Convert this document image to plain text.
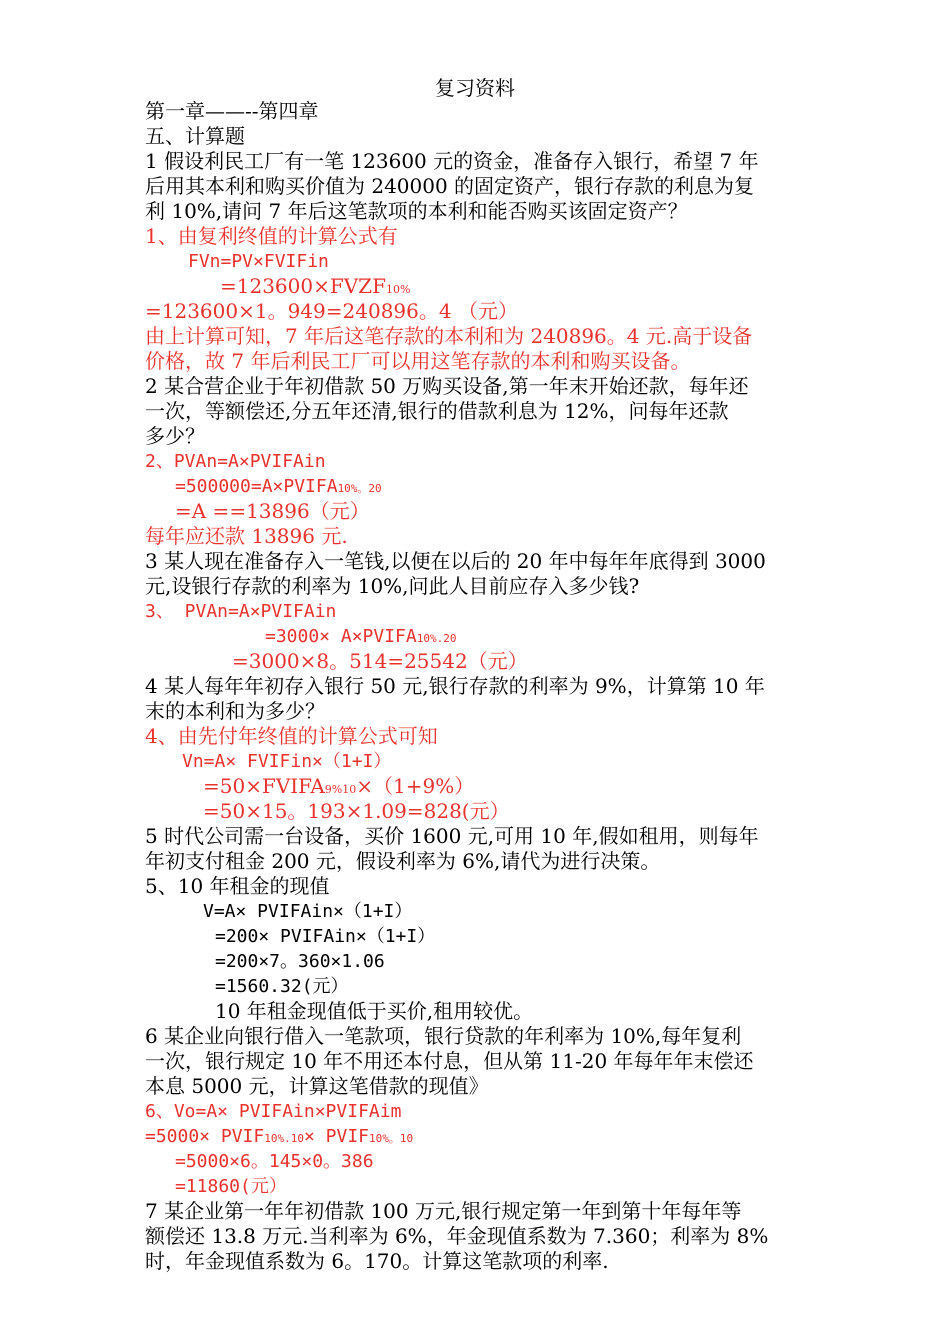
复习资料
第一章——--第四章
五、计算题
1 假设利民工厂有一笔 123600 元的资金，准备存入银行，希望 7 年
后用其本利和购买价值为 240000 的固定资产，银行存款的利息为复
利 10%,请问 7 年后这笔款项的本利和能否购买该固定资产？
1、由复利终值的计算公式有
FVn=PV×FVIFin
=123600×FVZF10%
=123600×1。949=240896。4 （元）
由上计算可知，7 年后这笔存款的本利和为 240896。4 元.高于设备
价格，故 7 年后利民工厂可以用这笔存款的本利和购买设备。
2 某合营企业于年初借款 50 万购买设备,第一年末开始还款，每年还
一次，等额偿还,分五年还清,银行的借款利息为 12%，问每年还款
多少？
2、PVAn=A×PVIFAin
=500000=A×PVIFA10%。20
=A ==13896（元）
每年应还款 13896 元.
3 某人现在准备存入一笔钱,以便在以后的 20 年中每年年底得到 3000
元,设银行存款的利率为 10%,问此人目前应存入多少钱?
3、 PVAn=A×PVIFAin
=3000× A×PVIFA10%.20
=3000×8。514=25542（元）
4 某人每年年初存入银行 50 元,银行存款的利率为 9%，计算第 10 年
末的本利和为多少？
4、由先付年终值的计算公式可知
Vn=A× FVIFin×（1+I）
=50×FVIFA9%10×（1+9%）
=50×15。193×1.09=828(元）
5 时代公司需一台设备，买价 1600 元,可用 10 年,假如租用，则每年
年初支付租金 200 元，假设利率为 6%,请代为进行决策。
5、10 年租金的现值
V=A× PVIFAin×（1+I）
=200× PVIFAin×（1+I）
=200×7。360×1.06
=1560.32(元）
10 年租金现值低于买价,租用较优。
6 某企业向银行借入一笔款项，银行贷款的年利率为 10%,每年复利
一次，银行规定 10 年不用还本付息，但从第 11-20 年每年年末偿还
本息 5000 元，计算这笔借款的现值》
6、Vo=A× PVIFAin×PVIFAim
=5000× PVIF10%.10× PVIF10%。10
=5000×6。145×0。386
=11860(元）
7 某企业第一年年初借款 100 万元,银行规定第一年到第十年每年等
额偿还 13.8 万元.当利率为 6%，年金现值系数为 7.360；利率为 8%
时，年金现值系数为 6。170。计算这笔款项的利率.
